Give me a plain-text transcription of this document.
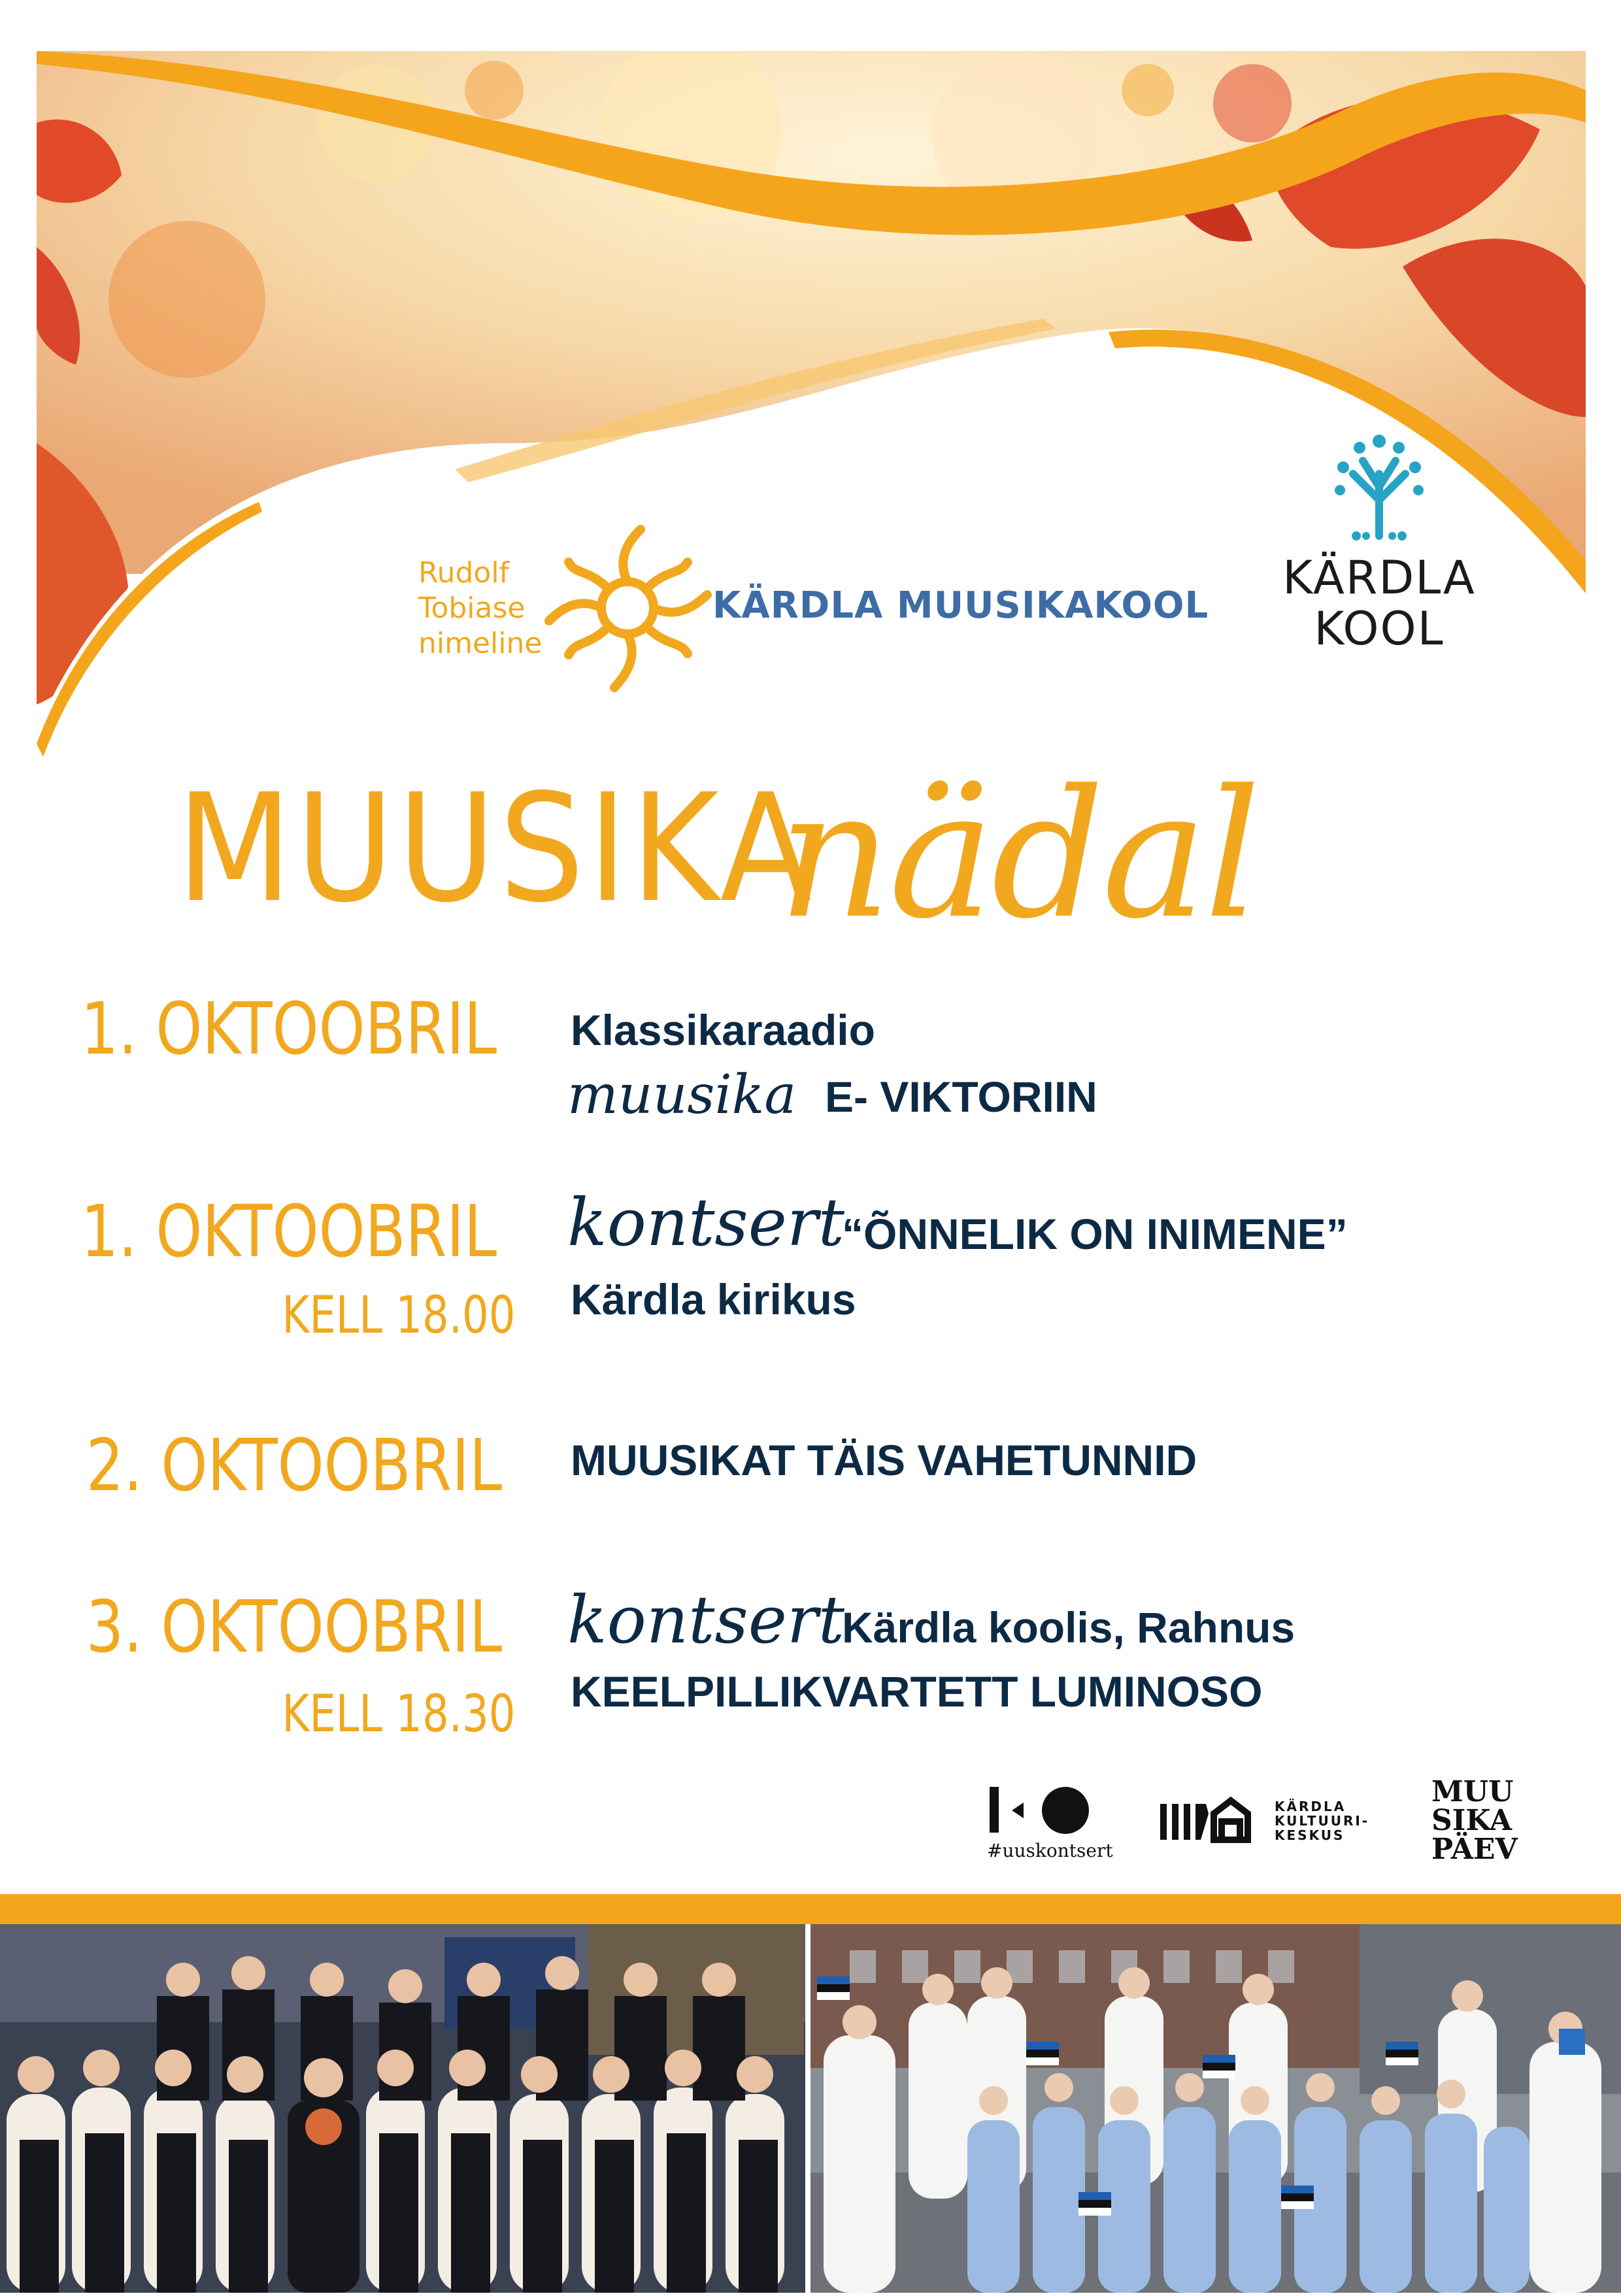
Rudolf
Tobiase
nimeline
KÄRDLA MUUSIKAKOOL
KÄRDLA
KOOL
MUUSIKA
nädal
1. OKTOOBRIL Klassikaraadio
muusika E- VIKTORIIN
1. OKTOOBRIL
KELL 18.00
kontsert
“ÕNNELIK ON INIMENE”
Kärdla kirikus
2. OKTOOBRIL MUUSIKAT TÄIS VAHETUNNID
3. OKTOOBRIL
KELL 18.30
kontsert
Kärdla koolis, Rahnus
KEELPILLIKVARTETT LUMINOSO
#uuskontsert
KÄRDLA
KULTUURI-
KESKUS
MUU
SIKA
PÄEV
